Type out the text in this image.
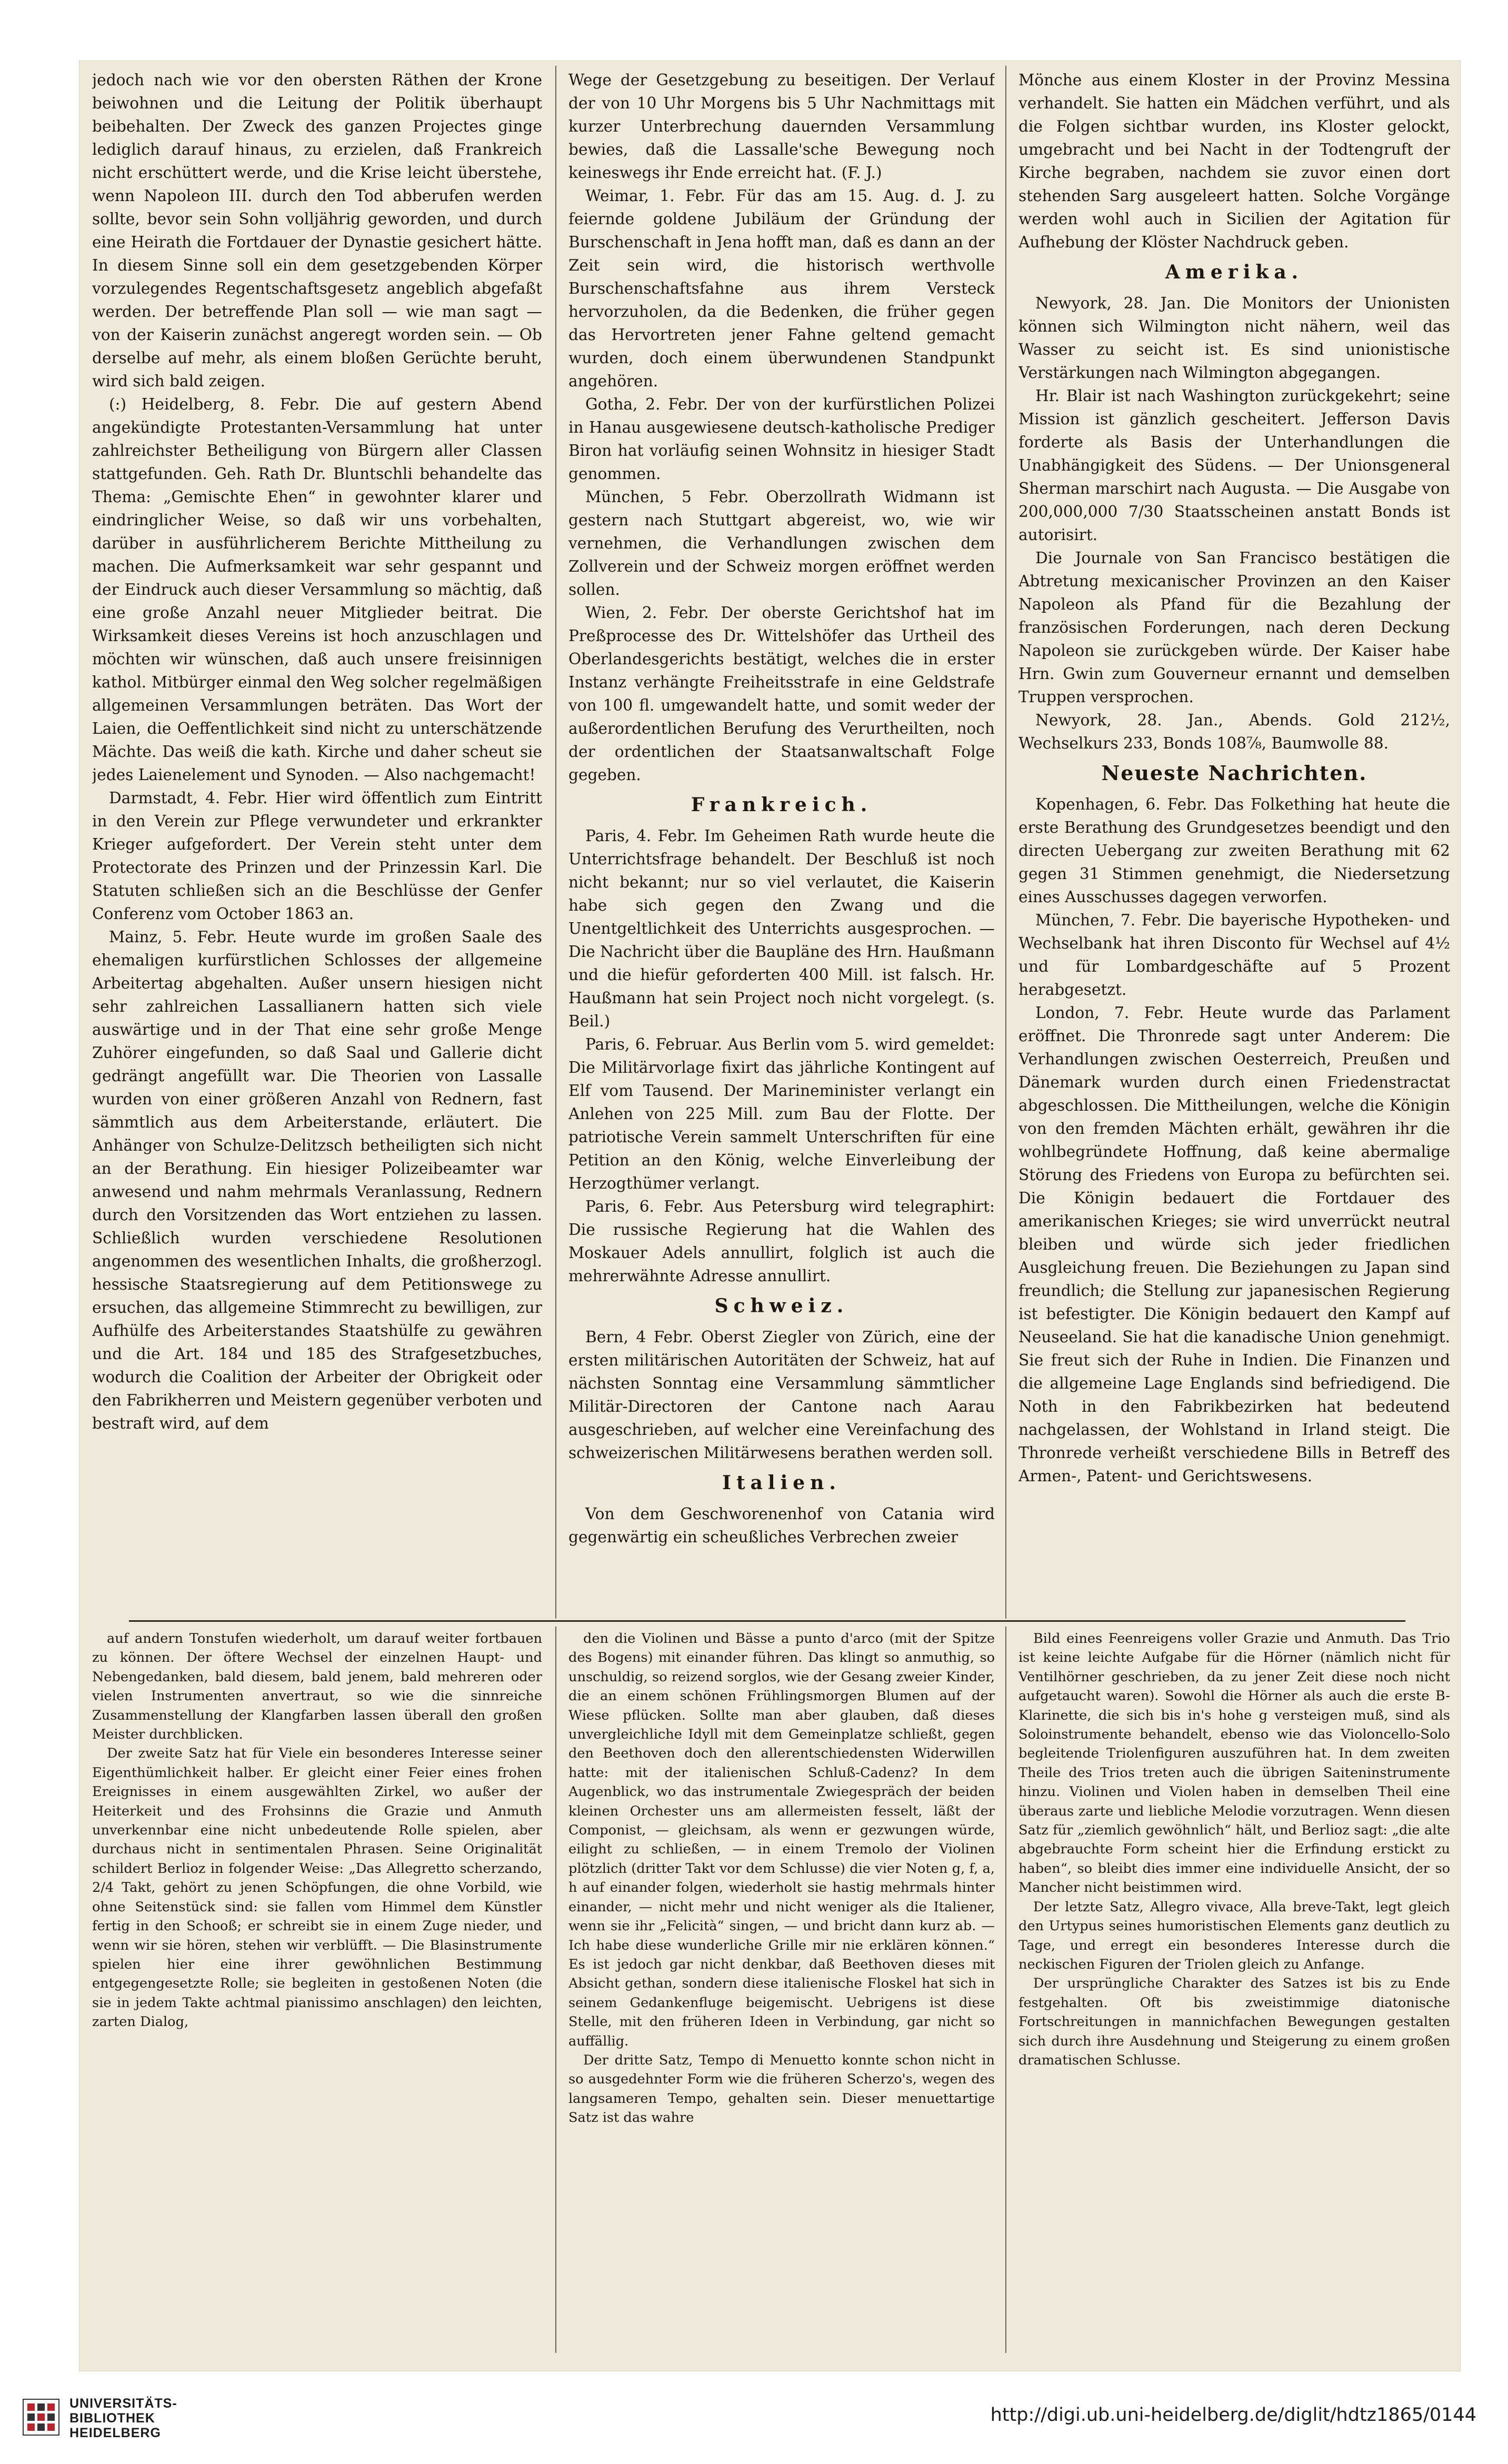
jedoch nach wie vor den obersten Räthen der Krone beiwohnen und die Leitung der Politik überhaupt beibehalten. Der Zweck des ganzen Projectes ginge lediglich darauf hinaus, zu erzielen, daß Frankreich nicht erschüttert werde, und die Krise leicht überstehe, wenn Napoleon III. durch den Tod abberufen werden sollte, bevor sein Sohn volljährig geworden, und durch eine Heirath die Fortdauer der Dynastie gesichert hätte. In diesem Sinne soll ein dem gesetzgebenden Körper vorzulegendes Regentschaftsgesetz angeblich abgefaßt werden. Der betreffende Plan soll — wie man sagt — von der Kaiserin zunächst angeregt worden sein. — Ob derselbe auf mehr, als einem bloßen Gerüchte beruht, wird sich bald zeigen.

(:) Heidelberg, 8. Febr. Die auf gestern Abend angekündigte Protestanten-Versammlung hat unter zahlreichster Betheiligung von Bürgern aller Classen stattgefunden. Geh. Rath Dr. Bluntschli behandelte das Thema: „Gemischte Ehen“ in gewohnter klarer und eindringlicher Weise, so daß wir uns vorbehalten, darüber in ausführlicherem Berichte Mittheilung zu machen. Die Aufmerksamkeit war sehr gespannt und der Eindruck auch dieser Versammlung so mächtig, daß eine große Anzahl neuer Mitglieder beitrat. Die Wirksamkeit dieses Vereins ist hoch anzuschlagen und möchten wir wünschen, daß auch unsere freisinnigen kathol. Mitbürger einmal den Weg solcher regelmäßigen allgemeinen Versammlungen beträten. Das Wort der Laien, die Oeffentlichkeit sind nicht zu unterschätzende Mächte. Das weiß die kath. Kirche und daher scheut sie jedes Laienelement und Synoden. — Also nachgemacht!

Darmstadt, 4. Febr. Hier wird öffentlich zum Eintritt in den Verein zur Pflege verwundeter und erkrankter Krieger aufgefordert. Der Verein steht unter dem Protectorate des Prinzen und der Prinzessin Karl. Die Statuten schließen sich an die Beschlüsse der Genfer Conferenz vom October 1863 an.

Mainz, 5. Febr. Heute wurde im großen Saale des ehemaligen kurfürstlichen Schlosses der allgemeine Arbeitertag abgehalten. Außer unsern hiesigen nicht sehr zahlreichen Lassallianern hatten sich viele auswärtige und in der That eine sehr große Menge Zuhörer eingefunden, so daß Saal und Gallerie dicht gedrängt angefüllt war. Die Theorien von Lassalle wurden von einer größeren Anzahl von Rednern, fast sämmtlich aus dem Arbeiterstande, erläutert. Die Anhänger von Schulze-Delitzsch betheiligten sich nicht an der Berathung. Ein hiesiger Polizeibeamter war anwesend und nahm mehrmals Veranlassung, Rednern durch den Vorsitzenden das Wort entziehen zu lassen. Schließlich wurden verschiedene Resolutionen angenommen des wesentlichen Inhalts, die großherzogl. hessische Staatsregierung auf dem Petitionswege zu ersuchen, das allgemeine Stimmrecht zu bewilligen, zur Aufhülfe des Arbeiterstandes Staatshülfe zu gewähren und die Art. 184 und 185 des Strafgesetzbuches, wodurch die Coalition der Arbeiter der Obrigkeit oder den Fabrikherren und Meistern gegenüber verboten und bestraft wird, auf dem

Wege der Gesetzgebung zu beseitigen. Der Verlauf der von 10 Uhr Morgens bis 5 Uhr Nachmittags mit kurzer Unterbrechung dauernden Versammlung bewies, daß die Lassalle'sche Bewegung noch keineswegs ihr Ende erreicht hat. (F. J.)

Weimar, 1. Febr. Für das am 15. Aug. d. J. zu feiernde goldene Jubiläum der Gründung der Burschenschaft in Jena hofft man, daß es dann an der Zeit sein wird, die historisch werthvolle Burschenschaftsfahne aus ihrem Versteck hervorzuholen, da die Bedenken, die früher gegen das Hervortreten jener Fahne geltend gemacht wurden, doch einem überwundenen Standpunkt angehören.

Gotha, 2. Febr. Der von der kurfürstlichen Polizei in Hanau ausgewiesene deutsch-katholische Prediger Biron hat vorläufig seinen Wohnsitz in hiesiger Stadt genommen.

München, 5 Febr. Oberzollrath Widmann ist gestern nach Stuttgart abgereist, wo, wie wir vernehmen, die Verhandlungen zwischen dem Zollverein und der Schweiz morgen eröffnet werden sollen.

Wien, 2. Febr. Der oberste Gerichtshof hat im Preßprocesse des Dr. Wittelshöfer das Urtheil des Oberlandesgerichts bestätigt, welches die in erster Instanz verhängte Freiheitsstrafe in eine Geldstrafe von 100 fl. umgewandelt hatte, und somit weder der außerordentlichen Berufung des Verurtheilten, noch der ordentlichen der Staatsanwaltschaft Folge gegeben.

Frankreich.

Paris, 4. Febr. Im Geheimen Rath wurde heute die Unterrichtsfrage behandelt. Der Beschluß ist noch nicht bekannt; nur so viel verlautet, die Kaiserin habe sich gegen den Zwang und die Unentgeltlichkeit des Unterrichts ausgesprochen. — Die Nachricht über die Baupläne des Hrn. Haußmann und die hiefür geforderten 400 Mill. ist falsch. Hr. Haußmann hat sein Project noch nicht vorgelegt. (s. Beil.)

Paris, 6. Februar. Aus Berlin vom 5. wird gemeldet: Die Militärvorlage fixirt das jährliche Kontingent auf Elf vom Tausend. Der Marineminister verlangt ein Anlehen von 225 Mill. zum Bau der Flotte. Der patriotische Verein sammelt Unterschriften für eine Petition an den König, welche Einverleibung der Herzogthümer verlangt.

Paris, 6. Febr. Aus Petersburg wird telegraphirt: Die russische Regierung hat die Wahlen des Moskauer Adels annullirt, folglich ist auch die mehrerwähnte Adresse annullirt.

Schweiz.

Bern, 4 Febr. Oberst Ziegler von Zürich, eine der ersten militärischen Autoritäten der Schweiz, hat auf nächsten Sonntag eine Versammlung sämmtlicher Militär-Directoren der Cantone nach Aarau ausgeschrieben, auf welcher eine Vereinfachung des schweizerischen Militärwesens berathen werden soll.

Italien.

Von dem Geschworenenhof von Catania wird gegenwärtig ein scheußliches Verbrechen zweier

Mönche aus einem Kloster in der Provinz Messina verhandelt. Sie hatten ein Mädchen verführt, und als die Folgen sichtbar wurden, ins Kloster gelockt, umgebracht und bei Nacht in der Todtengruft der Kirche begraben, nachdem sie zuvor einen dort stehenden Sarg ausgeleert hatten. Solche Vorgänge werden wohl auch in Sicilien der Agitation für Aufhebung der Klöster Nachdruck geben.

Amerika.

Newyork, 28. Jan. Die Monitors der Unionisten können sich Wilmington nicht nähern, weil das Wasser zu seicht ist. Es sind unionistische Verstärkungen nach Wilmington abgegangen.

Hr. Blair ist nach Washington zurückgekehrt; seine Mission ist gänzlich gescheitert. Jefferson Davis forderte als Basis der Unterhandlungen die Unabhängigkeit des Südens. — Der Unionsgeneral Sherman marschirt nach Augusta. — Die Ausgabe von 200,000,000 7/30 Staatsscheinen anstatt Bonds ist autorisirt.

Die Journale von San Francisco bestätigen die Abtretung mexicanischer Provinzen an den Kaiser Napoleon als Pfand für die Bezahlung der französischen Forderungen, nach deren Deckung Napoleon sie zurückgeben würde. Der Kaiser habe Hrn. Gwin zum Gouverneur ernannt und demselben Truppen versprochen.

Newyork, 28. Jan., Abends. Gold 212½, Wechselkurs 233, Bonds 108⅞, Baumwolle 88.

Neueste Nachrichten.

Kopenhagen, 6. Febr. Das Folkething hat heute die erste Berathung des Grundgesetzes beendigt und den directen Uebergang zur zweiten Berathung mit 62 gegen 31 Stimmen genehmigt, die Niedersetzung eines Ausschusses dagegen verworfen.

München, 7. Febr. Die bayerische Hypotheken- und Wechselbank hat ihren Disconto für Wechsel auf 4½ und für Lombardgeschäfte auf 5 Prozent herabgesetzt.

London, 7. Febr. Heute wurde das Parlament eröffnet. Die Thronrede sagt unter Anderem: Die Verhandlungen zwischen Oesterreich, Preußen und Dänemark wurden durch einen Friedenstractat abgeschlossen. Die Mittheilungen, welche die Königin von den fremden Mächten erhält, gewähren ihr die wohlbegründete Hoffnung, daß keine abermalige Störung des Friedens von Europa zu befürchten sei. Die Königin bedauert die Fortdauer des amerikanischen Krieges; sie wird unverrückt neutral bleiben und würde sich jeder friedlichen Ausgleichung freuen. Die Beziehungen zu Japan sind freundlich; die Stellung zur japanesischen Regierung ist befestigter. Die Königin bedauert den Kampf auf Neuseeland. Sie hat die kanadische Union genehmigt. Sie freut sich der Ruhe in Indien. Die Finanzen und die allgemeine Lage Englands sind befriedigend. Die Noth in den Fabrikbezirken hat bedeutend nachgelassen, der Wohlstand in Irland steigt. Die Thronrede verheißt verschiedene Bills in Betreff des Armen-, Patent- und Gerichtswesens.

auf andern Tonstufen wiederholt, um darauf weiter fortbauen zu können. Der öftere Wechsel der einzelnen Haupt- und Nebengedanken, bald diesem, bald jenem, bald mehreren oder vielen Instrumenten anvertraut, so wie die sinnreiche Zusammenstellung der Klangfarben lassen überall den großen Meister durchblicken.

Der zweite Satz hat für Viele ein besonderes Interesse seiner Eigenthümlichkeit halber. Er gleicht einer Feier eines frohen Ereignisses in einem ausgewählten Zirkel, wo außer der Heiterkeit und des Frohsinns die Grazie und Anmuth unverkennbar eine nicht unbedeutende Rolle spielen, aber durchaus nicht in sentimentalen Phrasen. Seine Originalität schildert Berlioz in folgender Weise: „Das Allegretto scherzando, 2/4 Takt, gehört zu jenen Schöpfungen, die ohne Vorbild, wie ohne Seitenstück sind: sie fallen vom Himmel dem Künstler fertig in den Schooß; er schreibt sie in einem Zuge nieder, und wenn wir sie hören, stehen wir verblüfft. — Die Blasinstrumente spielen hier eine ihrer gewöhnlichen Bestimmung entgegengesetzte Rolle; sie begleiten in gestoßenen Noten (die sie in jedem Takte achtmal pianissimo anschlagen) den leichten, zarten Dialog,

den die Violinen und Bässe a punto d'arco (mit der Spitze des Bogens) mit einander führen. Das klingt so anmuthig, so unschuldig, so reizend sorglos, wie der Gesang zweier Kinder, die an einem schönen Frühlingsmorgen Blumen auf der Wiese pflücken. Sollte man aber glauben, daß dieses unvergleichliche Idyll mit dem Gemeinplatze schließt, gegen den Beethoven doch den allerentschiedensten Widerwillen hatte: mit der italienischen Schluß-Cadenz? In dem Augenblick, wo das instrumentale Zwiegespräch der beiden kleinen Orchester uns am allermeisten fesselt, läßt der Componist, — gleichsam, als wenn er gezwungen würde, eilight zu schließen, — in einem Tremolo der Violinen plötzlich (dritter Takt vor dem Schlusse) die vier Noten g, f, a, h auf einander folgen, wiederholt sie hastig mehrmals hinter einander, — nicht mehr und nicht weniger als die Italiener, wenn sie ihr „Felicità“ singen, — und bricht dann kurz ab. — Ich habe diese wunderliche Grille mir nie erklären können.“ Es ist jedoch gar nicht denkbar, daß Beethoven dieses mit Absicht gethan, sondern diese italienische Floskel hat sich in seinem Gedankenfluge beigemischt. Uebrigens ist diese Stelle, mit den früheren Ideen in Verbindung, gar nicht so auffällig.

Der dritte Satz, Tempo di Menuetto konnte schon nicht in so ausgedehnter Form wie die früheren Scherzo's, wegen des langsameren Tempo, gehalten sein. Dieser menuettartige Satz ist das wahre

Bild eines Feenreigens voller Grazie und Anmuth. Das Trio ist keine leichte Aufgabe für die Hörner (nämlich nicht für Ventilhörner geschrieben, da zu jener Zeit diese noch nicht aufgetaucht waren). Sowohl die Hörner als auch die erste B-Klarinette, die sich bis in's hohe g versteigen muß, sind als Soloinstrumente behandelt, ebenso wie das Violoncello-Solo begleitende Triolenfiguren auszuführen hat. In dem zweiten Theile des Trios treten auch die übrigen Saiteninstrumente hinzu. Violinen und Violen haben in demselben Theil eine überaus zarte und liebliche Melodie vorzutragen. Wenn diesen Satz für „ziemlich gewöhnlich“ hält, und Berlioz sagt: „die alte abgebrauchte Form scheint hier die Erfindung erstickt zu haben“, so bleibt dies immer eine individuelle Ansicht, der so Mancher nicht beistimmen wird.

Der letzte Satz, Allegro vivace, Alla breve-Takt, legt gleich den Urtypus seines humoristischen Elements ganz deutlich zu Tage, und erregt ein besonderes Interesse durch die neckischen Figuren der Triolen gleich zu Anfange.

Der ursprüngliche Charakter des Satzes ist bis zu Ende festgehalten. Oft bis zweistimmige diatonische Fortschreitungen in mannichfachen Bewegungen gestalten sich durch ihre Ausdehnung und Steigerung zu einem großen dramatischen Schlusse.

UNIVERSITÄTS-
BIBLIOTHEK
HEIDELBERG
http://digi.ub.uni-heidelberg.de/diglit/hdtz1865/0144
